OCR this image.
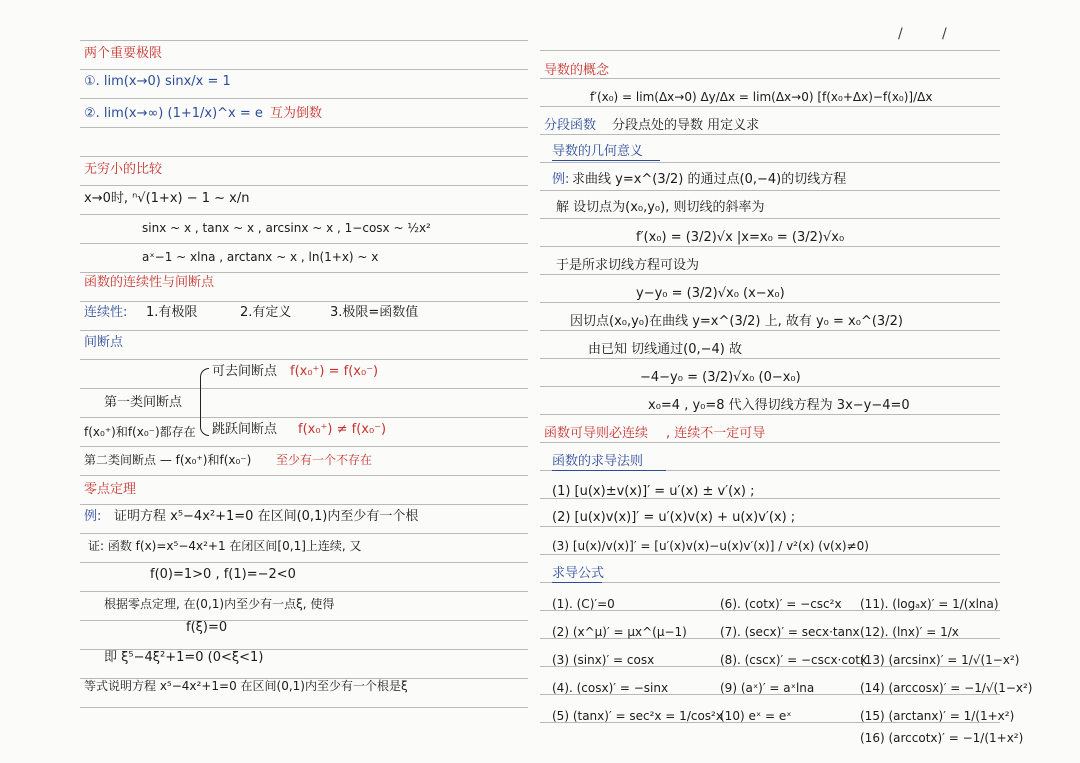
/	/
两个重要极限
①. lim(x→0) sinx/x = 1
②. lim(x→∞) (1+1/x)^x = e 互为倒数
无穷小的比较
x→0时, ⁿ√(1+x) − 1 ~ x/n
sinx ~ x , tanx ~ x , arcsinx ~ x , 1−cosx ~ ½x²
aˣ−1 ~ xlna , arctanx ~ x , ln(1+x) ~ x
函数的连续性与间断点
连续性: 1.有极限	2.有定义	3.极限=函数值
间断点
可去间断点 f(x₀⁺) = f(x₀⁻)
第一类间断点
f(x₀⁺)和f(x₀⁻)都存在 跳跃间断点 f(x₀⁺) ≠ f(x₀⁻)
第二类间断点 — f(x₀⁺)和f(x₀⁻) 至少有一个不存在
零点定理
例: 证明方程 x⁵−4x²+1=0 在区间(0,1)内至少有一个根
证: 函数 f(x)=x⁵−4x²+1 在闭区间[0,1]上连续, 又
f(0)=1>0 , f(1)=−2<0
根据零点定理, 在(0,1)内至少有一点ξ, 使得
f(ξ)=0
即 ξ⁵−4ξ²+1=0 (0<ξ<1)
等式说明方程 x⁵−4x²+1=0 在区间(0,1)内至少有一个根是ξ
导数的概念
f′(x₀) = lim(Δx→0) Δy/Δx = lim(Δx→0) [f(x₀+Δx)−f(x₀)]/Δx
分段函数 分段点处的导数 用定义求
导数的几何意义
例: 求曲线 y=x^(3/2) 的通过点(0,−4)的切线方程
解 设切点为(x₀,y₀), 则切线的斜率为
f′(x₀) = (3/2)√x |x=x₀ = (3/2)√x₀
于是所求切线方程可设为
y−y₀ = (3/2)√x₀ (x−x₀)
因切点(x₀,y₀)在曲线 y=x^(3/2) 上, 故有 y₀ = x₀^(3/2)
由已知 切线通过(0,−4) 故
−4−y₀ = (3/2)√x₀ (0−x₀)
x₀=4 , y₀=8 代入得切线方程为 3x−y−4=0
函数可导则必连续 , 连续不一定可导
函数的求导法则
(1) [u(x)±v(x)]′ = u′(x) ± v′(x) ;
(2) [u(x)v(x)]′ = u′(x)v(x) + u(x)v′(x) ;
(3) [u(x)/v(x)]′ = [u′(x)v(x)−u(x)v′(x)] / v²(x) (v(x)≠0)
求导公式
(1). (C)′=0
(2) (x^μ)′ = μx^(μ−1)
(3) (sinx)′ = cosx
(4). (cosx)′ = −sinx
(5) (tanx)′ = sec²x = 1/cos²x
(6). (cotx)′ = −csc²x
(7). (secx)′ = secx·tanx
(8). (cscx)′ = −cscx·cotx
(9) (aˣ)′ = aˣlna
(10) eˣ = eˣ
(11). (logₐx)′ = 1/(xlna)
(12). (lnx)′ = 1/x
(13) (arcsinx)′ = 1/√(1−x²)
(14) (arccosx)′ = −1/√(1−x²)
(15) (arctanx)′ = 1/(1+x²)
(16) (arccotx)′ = −1/(1+x²)
